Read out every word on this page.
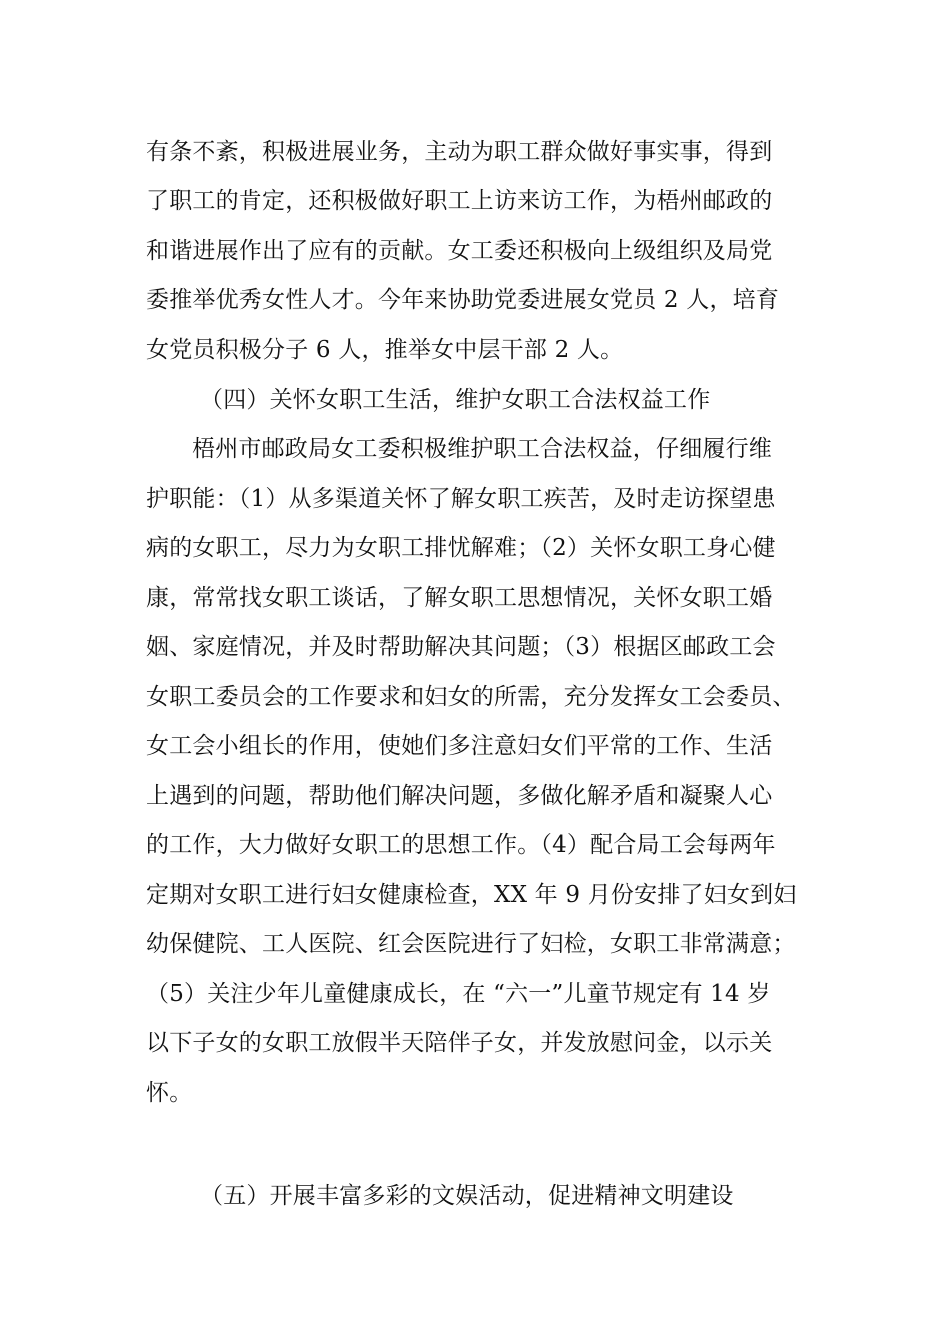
有条不紊，积极进展业务，主动为职工群众做好事实事，得到
了职工的肯定，还积极做好职工上访来访工作，为梧州邮政的
和谐进展作出了应有的贡献。女工委还积极向上级组织及局党
委推举优秀女性人才。今年来协助党委进展女党员 2 人，培育
女党员积极分子 6 人，推举女中层干部 2 人。
（四）关怀女职工生活，维护女职工合法权益工作
梧州市邮政局女工委积极维护职工合法权益，仔细履行维
护职能：（1）从多渠道关怀了解女职工疾苦，及时走访探望患
病的女职工，尽力为女职工排忧解难；（2）关怀女职工身心健
康，常常找女职工谈话，了解女职工思想情况，关怀女职工婚
姻、家庭情况，并及时帮助解决其问题；（3）根据区邮政工会
女职工委员会的工作要求和妇女的所需，充分发挥女工会委员、
女工会小组长的作用，使她们多注意妇女们平常的工作、生活
上遇到的问题，帮助他们解决问题，多做化解矛盾和凝聚人心
的工作，大力做好女职工的思想工作。（4）配合局工会每两年
定期对女职工进行妇女健康检查，XX 年 9 月份安排了妇女到妇
幼保健院、工人医院、红会医院进行了妇检，女职工非常满意；
（5）关注少年儿童健康成长，在 “六一”儿童节规定有 14 岁
以下子女的女职工放假半天陪伴子女，并发放慰问金，以示关
怀。
（五）开展丰富多彩的文娱活动，促进精神文明建设
